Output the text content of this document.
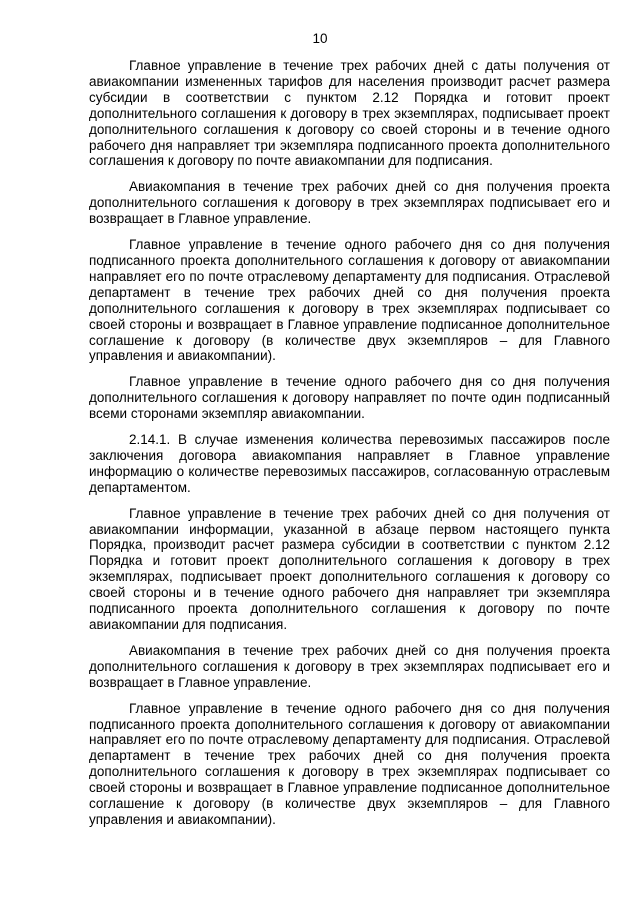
10

Главное управление в течение трех рабочих дней с даты получения от авиакомпании измененных тарифов для населения производит расчет размера субсидии в соответствии с пунктом 2.12 Порядка и готовит проект дополнительного соглашения к договору в трех экземплярах, подписывает проект дополнительного соглашения к договору со своей стороны и в течение одного рабочего дня направляет три экземпляра подписанного проекта дополнительного соглашения к договору по почте авиакомпании для подписания.

Авиакомпания в течение трех рабочих дней со дня получения проекта дополнительного соглашения к договору в трех экземплярах подписывает его и возвращает в Главное управление.

Главное управление в течение одного рабочего дня со дня получения подписанного проекта дополнительного соглашения к договору от авиакомпании направляет его по почте отраслевому департаменту для подписания. Отраслевой департамент в течение трех рабочих дней со дня получения проекта дополнительного соглашения к договору в трех экземплярах подписывает со своей стороны и возвращает в Главное управление подписанное дополнительное соглашение к договору (в количестве двух экземпляров – для Главного управления и авиакомпании).

Главное управление в течение одного рабочего дня со дня получения дополнительного соглашения к договору направляет по почте один подписанный всеми сторонами экземпляр авиакомпании.

2.14.1. В случае изменения количества перевозимых пассажиров после заключения договора авиакомпания направляет в Главное управление информацию о количестве перевозимых пассажиров, согласованную отраслевым департаментом.

Главное управление в течение трех рабочих дней со дня получения от авиакомпании информации, указанной в абзаце первом настоящего пункта Порядка, производит расчет размера субсидии в соответствии с пунктом 2.12 Порядка и готовит проект дополнительного соглашения к договору в трех экземплярах, подписывает проект дополнительного соглашения к договору со своей стороны и в течение одного рабочего дня направляет три экземпляра подписанного проекта дополнительного соглашения к договору по почте авиакомпании для подписания.

Авиакомпания в течение трех рабочих дней со дня получения проекта дополнительного соглашения к договору в трех экземплярах подписывает его и возвращает в Главное управление.

Главное управление в течение одного рабочего дня со дня получения подписанного проекта дополнительного соглашения к договору от авиакомпании направляет его по почте отраслевому департаменту для подписания. Отраслевой департамент в течение трех рабочих дней со дня получения проекта дополнительного соглашения к договору в трех экземплярах подписывает со своей стороны и возвращает в Главное управление подписанное дополнительное соглашение к договору (в количестве двух экземпляров – для Главного управления и авиакомпании).
